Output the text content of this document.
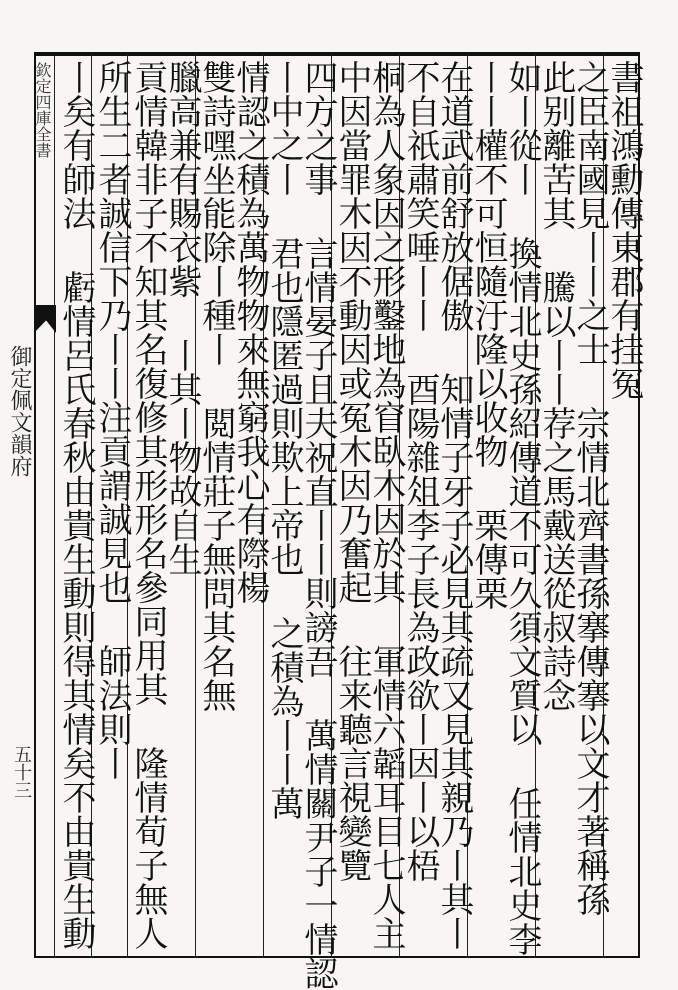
欽定四庫全書
御定佩文韻府
五十三
書祖鴻勳傳東郡有挂冤
之臣南國見丨丨之士 宗情北齊書孫搴傳搴以文才著稱孫
此别離苦其 騰以丨丨荐之馬戴送從叔詩念
如丨從丨 換情北史孫紹傳道不可久須文質以 任情北史李
丨丨權不可恒隨汙隆以收物 栗傳栗
在道武前舒放倨傲 知情子牙子必見其疏又見其親乃丨其丨
不自祇肅笑唾丨丨 酉陽雜俎李子長為政欲丨因丨以梧
桐為人象因之形鑿地為窅臥木因於其 軍情六韜耳目七人主
中因當罪木因不動因或冤木因乃奮起 往来聽言視變覽
四方之事 言情晏子且夫祝直丨丨則謗吾 萬情關尹子一情認
丨中之丨 君也隱匿過則欺上帝也 之積為丨丨萬
情認之積為萬物物來無窮我心有際楊
雙詩嘿坐能除丨種丨 閲情莊子無問其名無
臘高兼有賜衣紫 丨其丨物故自生
貢情韓非子不知其名復修其形形名參同用其 隆情荀子無人
所生二者誠信下乃丨丨注貢謂誠見也 師法則丨
丨矣有師法 虧情呂氏春秋由貴生動則得其情矣不由貴生動
